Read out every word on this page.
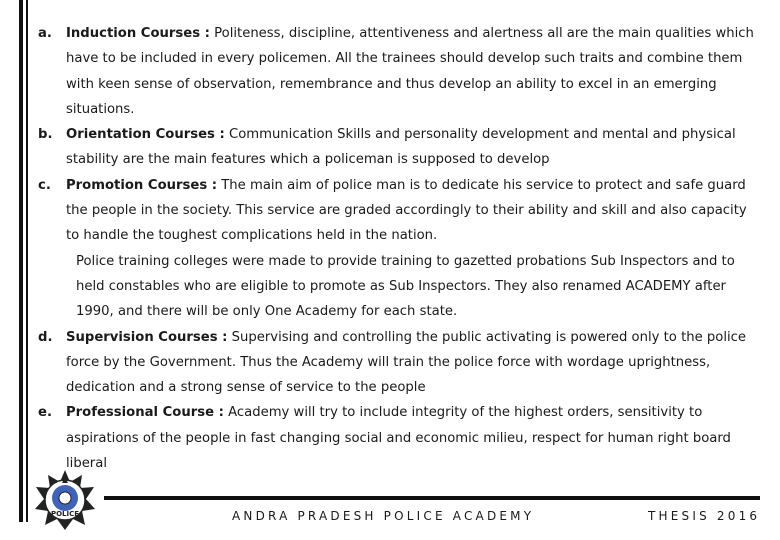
a. Induction Courses : Politeness, discipline, attentiveness and alertness all are the main qualities which have to be included in every policemen. All the trainees should develop such traits and combine them with keen sense of observation, remembrance and thus develop an ability to excel in an emerging situations.
b. Orientation Courses : Communication Skills and personality development and mental and physical stability are the main features which a policeman is supposed to develop
c. Promotion Courses : The main aim of police man is to dedicate his service to protect and safe guard the people in the society. This service are graded accordingly to their ability and skill and also capacity to handle the toughest complications held in the nation.
Police training colleges were made to provide training to gazetted probations Sub Inspectors and to held constables who are eligible to promote as Sub Inspectors. They also renamed ACADEMY after 1990, and there will be only One Academy for each state.
d. Supervision Courses : Supervising and controlling the public activating is powered only to the police force by the Government. Thus the Academy will train the police force with wordage uprightness, dedication and a strong sense of service to the people
e. Professional Course : Academy will try to include integrity of the highest orders, sensitivity to aspirations of the people in fast changing social and economic milieu, respect for human right board liberal
POLICE	ANDRA PRADESH POLICE ACADEMY	THESIS 2016
